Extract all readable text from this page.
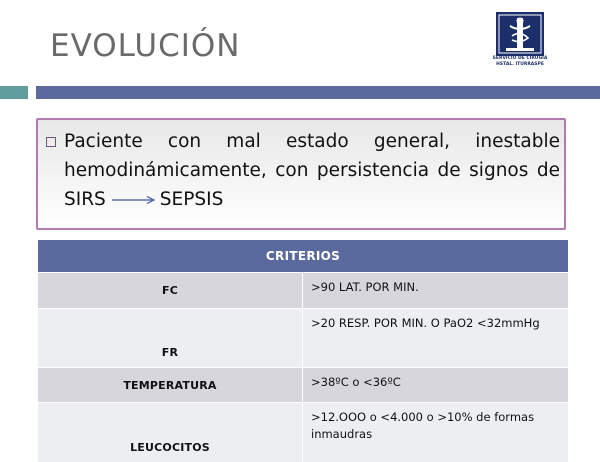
EVOLUCIÓN	SERVICIO DE CIRUGIA
HSTAL. ITURRASPE
Paciente con mal estado general, inestable hemodinámicamente, con persistencia de signos de SIRS	SEPSIS
CRITERIOS	
FC	>90 LAT. POR MIN.
FR	>20 RESP. POR MIN. O PaO2 <32mmHg
TEMPERATURA	>38ºC o <36ºC
LEUCOCITOS	>12.OOO o <4.000 o >10% de formas inmaudras
